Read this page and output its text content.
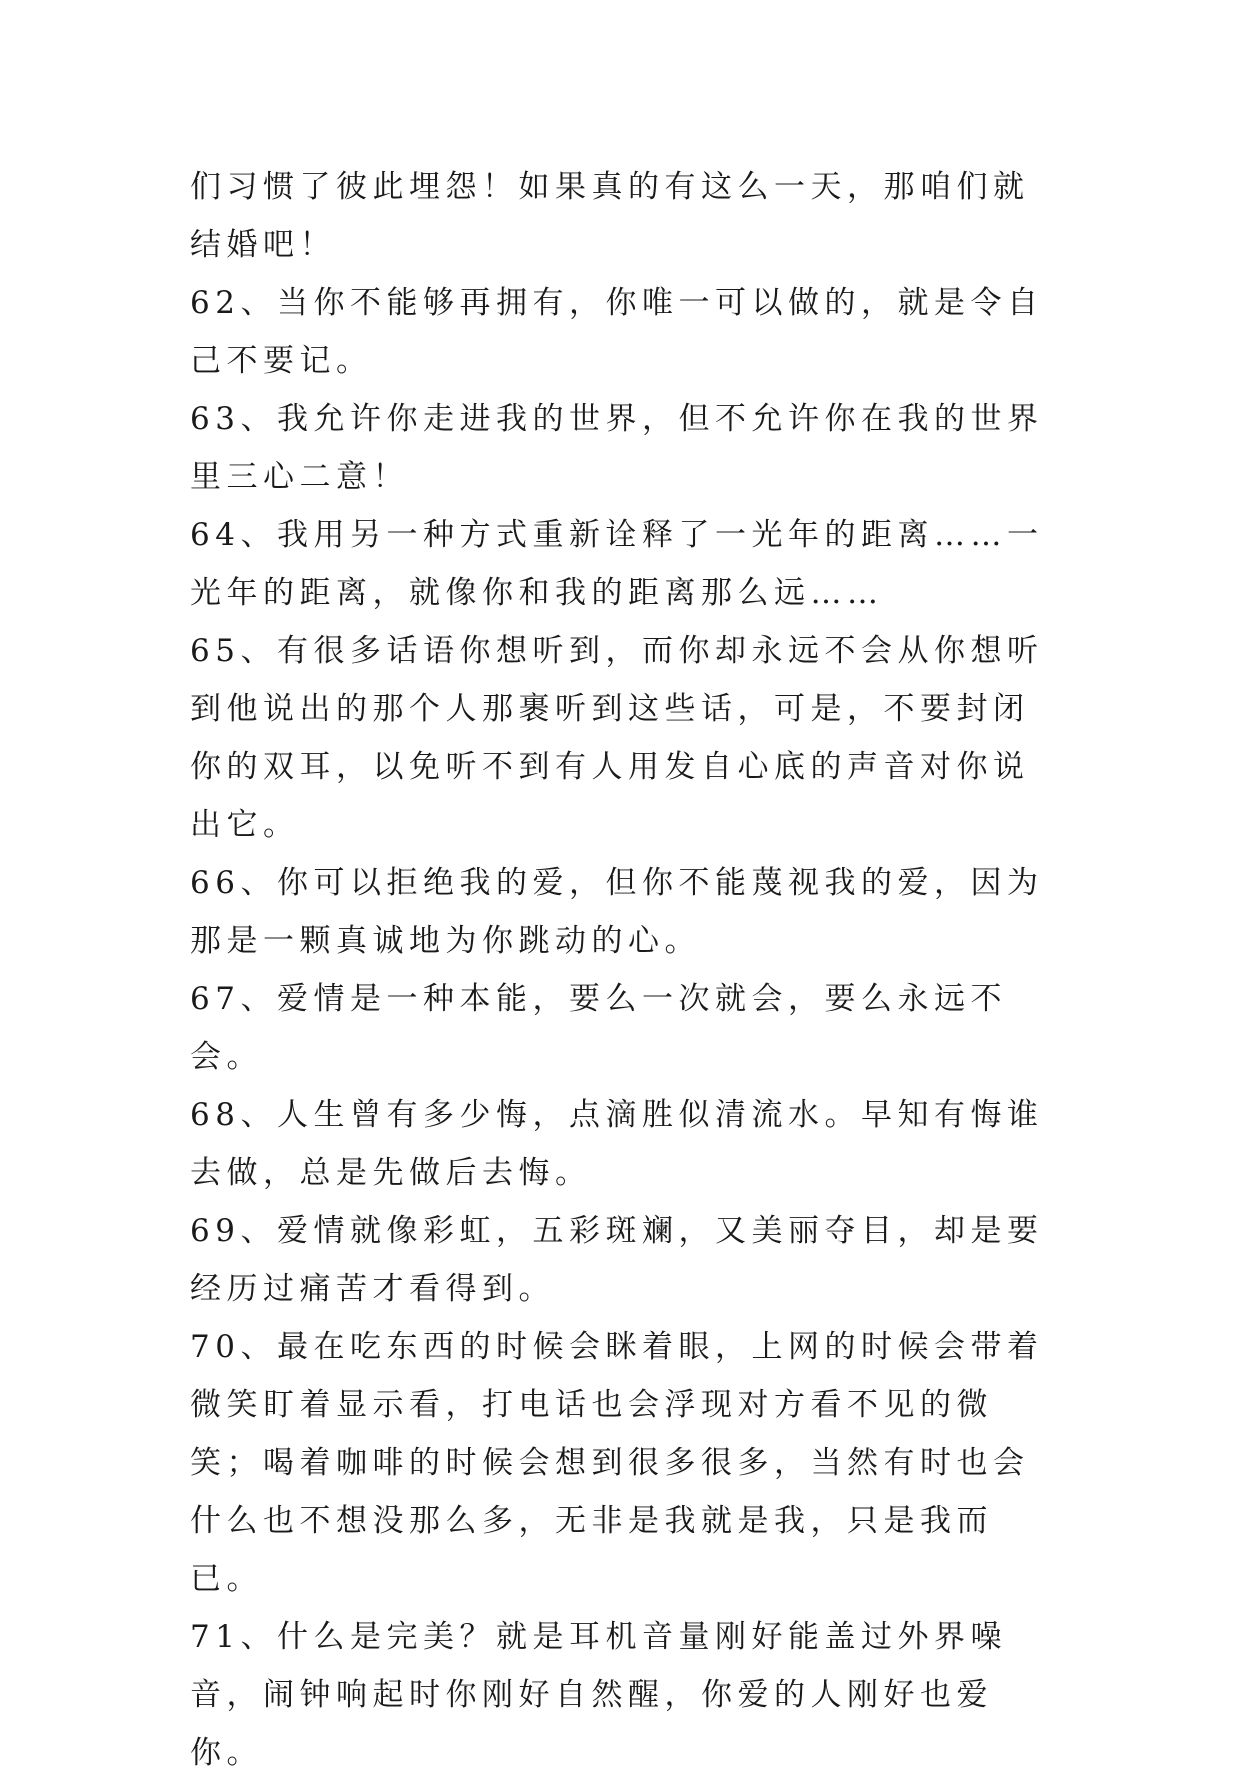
们习惯了彼此埋怨！如果真的有这么一天，那咱们就结婚吧！

62、当你不能够再拥有，你唯一可以做的，就是令自己不要记。

63、我允许你走进我的世界，但不允许你在我的世界里三心二意！

64、我用另一种方式重新诠释了一光年的距离……一光年的距离，就像你和我的距离那么远……

65、有很多话语你想听到，而你却永远不会从你想听到他说出的那个人那裹听到这些话，可是，不要封闭你的双耳，以免听不到有人用发自心底的声音对你说出它。

66、你可以拒绝我的爱，但你不能蔑视我的爱，因为那是一颗真诚地为你跳动的心。

67、爱情是一种本能，要么一次就会，要么永远不会。

68、人生曾有多少悔，点滴胜似清流水。早知有悔谁去做，总是先做后去悔。

69、爱情就像彩虹，五彩斑斓，又美丽夺目，却是要经历过痛苦才看得到。

70、最在吃东西的时候会眯着眼，上网的时候会带着微笑盯着显示看，打电话也会浮现对方看不见的微笑；喝着咖啡的时候会想到很多很多，当然有时也会什么也不想没那么多，无非是我就是我，只是我而已。

71、什么是完美？就是耳机音量刚好能盖过外界噪音，闹钟响起时你刚好自然醒，你爱的人刚好也爱你。
